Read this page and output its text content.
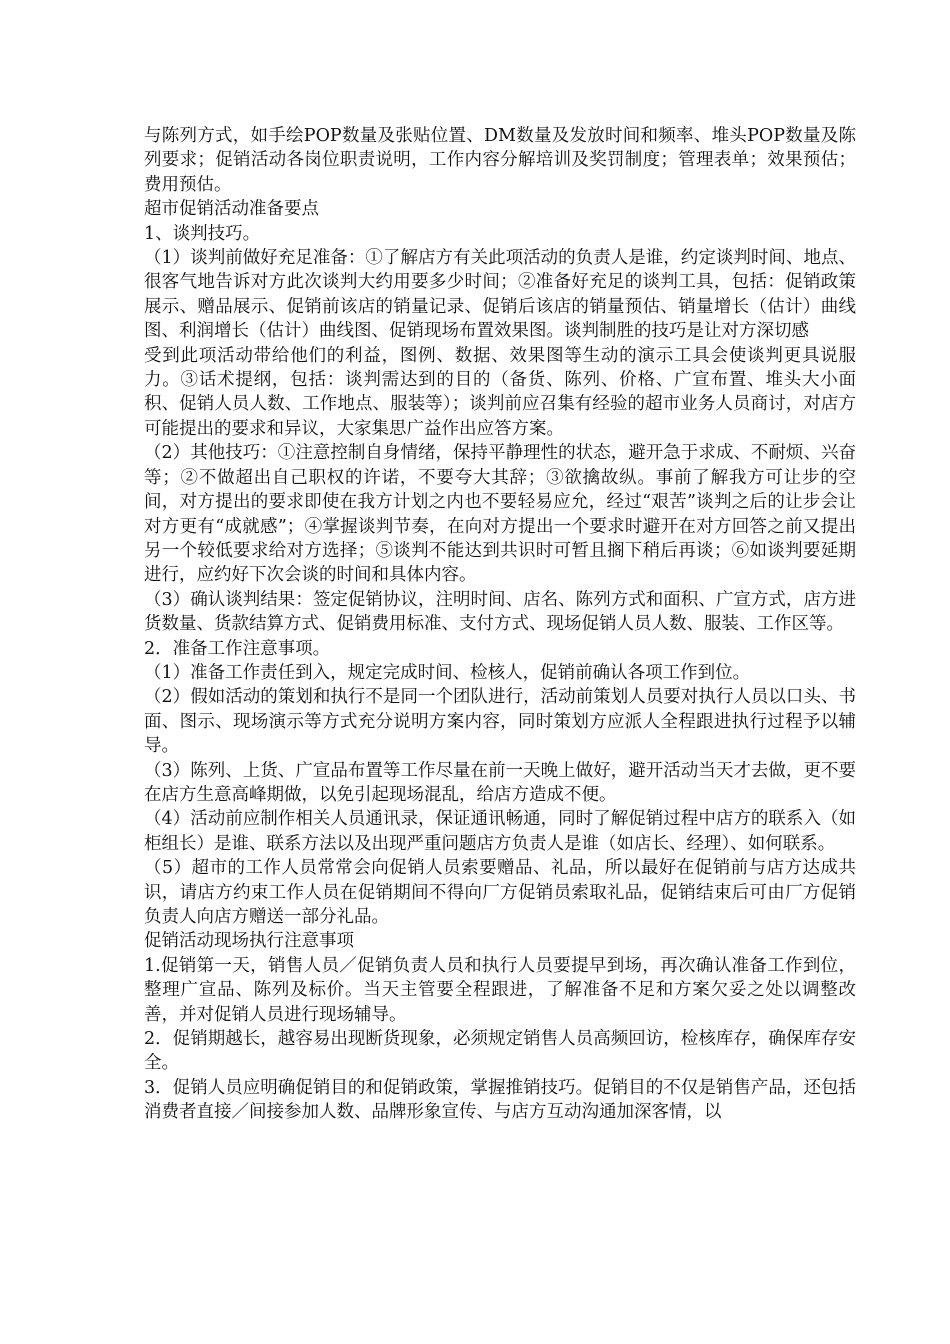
与陈列方式，如手绘POP数量及张贴位置、DM数量及发放时间和频率、堆头POP数量及陈列要求；促销活动各岗位职责说明，工作内容分解培训及奖罚制度；管理表单；效果预估；费用预估。

超市促销活动准备要点

1、谈判技巧。

（1）谈判前做好充足准备：①了解店方有关此项活动的负责人是谁，约定谈判时间、地点、很客气地告诉对方此次谈判大约用要多少时间；②准备好充足的谈判工具，包括：促销政策展示、赠品展示、促销前该店的销量记录、促销后该店的销量预估、销量增长（估计）曲线图、利润增长（估计）曲线图、促销现场布置效果图。谈判制胜的技巧是让对方深切感

受到此项活动带给他们的利益，图例、数据、效果图等生动的演示工具会使谈判更具说服力。③话术提纲，包括：谈判需达到的目的（备货、陈列、价格、广宣布置、堆头大小面积、促销人员人数、工作地点、服装等）；谈判前应召集有经验的超市业务人员商讨，对店方可能提出的要求和异议，大家集思广益作出应答方案。

（2）其他技巧：①注意控制自身情绪，保持平静理性的状态，避开急于求成、不耐烦、兴奋等；②不做超出自己职权的许诺，不要夸大其辞；③欲擒故纵。事前了解我方可让步的空间，对方提出的要求即使在我方计划之内也不要轻易应允，经过“艰苦”谈判之后的让步会让对方更有“成就感”；④掌握谈判节奏，在向对方提出一个要求时避开在对方回答之前又提出另一个较低要求给对方选择；⑤谈判不能达到共识时可暂且搁下稍后再谈；⑥如谈判要延期进行，应约好下次会谈的时间和具体内容。

（3）确认谈判结果：签定促销协议，注明时间、店名、陈列方式和面积、广宣方式，店方进货数量、货款结算方式、促销费用标准、支付方式、现场促销人员人数、服装、工作区等。

2．准备工作注意事项。

（1）准备工作责任到入，规定完成时间、检核人，促销前确认各项工作到位。

（2）假如活动的策划和执行不是同一个团队进行，活动前策划人员要对执行人员以口头、书面、图示、现场演示等方式充分说明方案内容，同时策划方应派人全程跟进执行过程予以辅导。

（3）陈列、上货、广宣品布置等工作尽量在前一天晚上做好，避开活动当天才去做，更不要在店方生意高峰期做，以免引起现场混乱，给店方造成不便。

（4）活动前应制作相关人员通讯录，保证通讯畅通，同时了解促销过程中店方的联系入（如柜组长）是谁、联系方法以及出现严重问题店方负责人是谁（如店长、经理）、如何联系。

（5）超市的工作人员常常会向促销人员索要赠品、礼品，所以最好在促销前与店方达成共识，请店方约束工作人员在促销期间不得向厂方促销员索取礼品，促销结束后可由厂方促销负责人向店方赠送一部分礼品。

促销活动现场执行注意事项

1.促销第一天，销售人员／促销负责人员和执行人员要提早到场，再次确认准备工作到位，整理广宣品、陈列及标价。当天主管要全程跟进，了解准备不足和方案欠妥之处以调整改善，并对促销人员进行现场辅导。

2．促销期越长，越容易出现断货现象，必须规定销售人员高频回访，检核库存，确保库存安全。

3．促销人员应明确促销目的和促销政策，掌握推销技巧。促销目的不仅是销售产品，还包括消费者直接／间接参加人数、品牌形象宣传、与店方互动沟通加深客情，以
